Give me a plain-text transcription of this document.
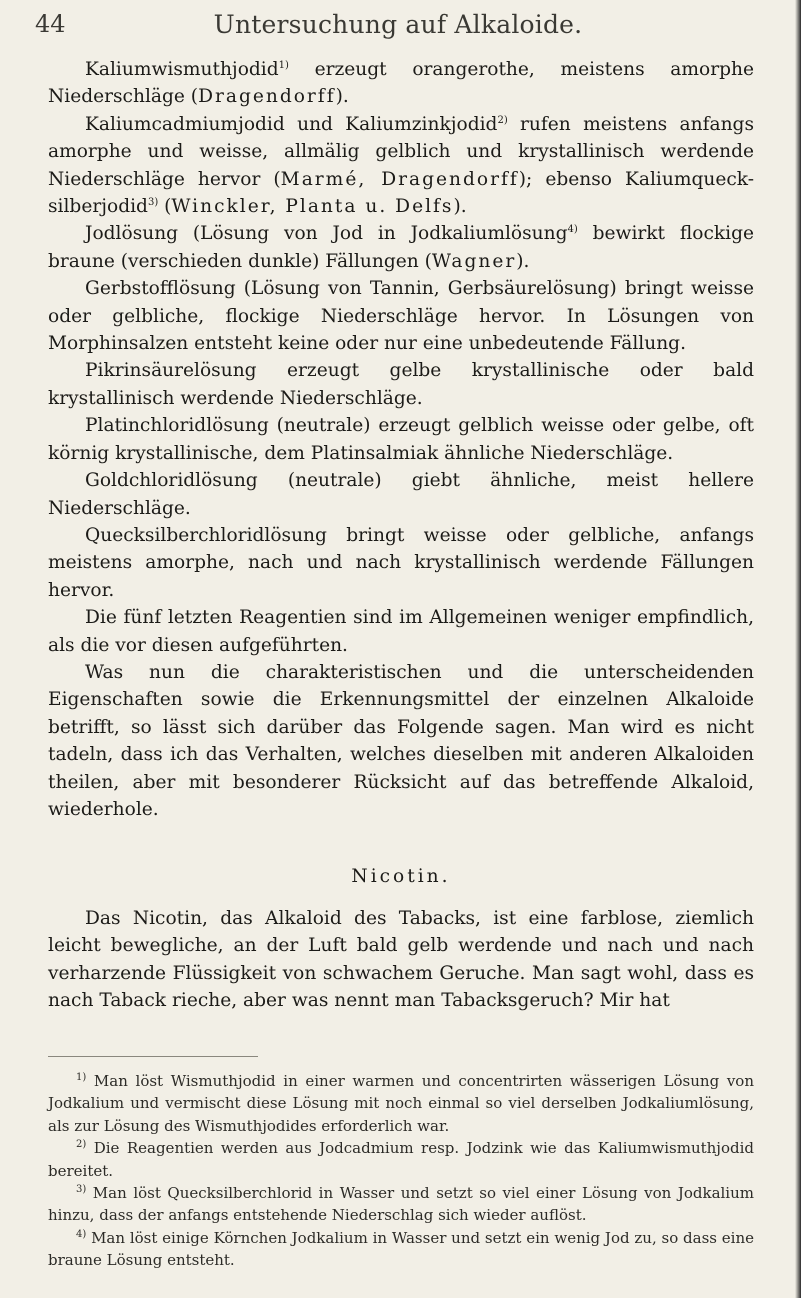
44	Untersuchung auf Alkaloide.

Kaliumwismuthjodid$^{1)}$ erzeugt orangerothe, meistens amorphe Niederschläge (Dragendorff).

Kaliumcadmiumjodid und Kaliumzinkjodid$^{2)}$ rufen meistens anfangs amorphe und weisse, allmälig gelblich und krystallinisch werdende Niederschläge hervor (Marmé, Dragendorff); ebenso Kaliumqueck-silberjodid$^{3)}$ (Winckler, Planta u. Delfs).

Jodlösung (Lösung von Jod in Jodkaliumlösung$^{4)}$ bewirkt flockige braune (verschieden dunkle) Fällungen (Wagner).

Gerbstofflösung (Lösung von Tannin, Gerbsäurelösung) bringt weisse oder gelbliche, flockige Niederschläge hervor. In Lösungen von Morphinsalzen entsteht keine oder nur eine unbedeutende Fällung.

Pikrinsäurelösung erzeugt gelbe krystallinische oder bald krystallinisch werdende Niederschläge.

Platinchloridlösung (neutrale) erzeugt gelblich weisse oder gelbe, oft körnig krystallinische, dem Platinsalmiak ähnliche Niederschläge.

Goldchloridlösung (neutrale) giebt ähnliche, meist hellere Niederschläge.

Quecksilberchloridlösung bringt weisse oder gelbliche, anfangs meistens amorphe, nach und nach krystallinisch werdende Fällungen hervor.

Die fünf letzten Reagentien sind im Allgemeinen weniger empfindlich, als die vor diesen aufgeführten.

Was nun die charakteristischen und die unterscheidenden Eigenschaften sowie die Erkennungsmittel der einzelnen Alkaloide betrifft, so lässt sich darüber das Folgende sagen. Man wird es nicht tadeln, dass ich das Verhalten, welches dieselben mit anderen Alkaloiden theilen, aber mit besonderer Rücksicht auf das betreffende Alkaloid, wiederhole.

Nicotin.

Das Nicotin, das Alkaloid des Tabacks, ist eine farblose, ziemlich leicht bewegliche, an der Luft bald gelb werdende und nach und nach verharzende Flüssigkeit von schwachem Geruche. Man sagt wohl, dass es nach Taback rieche, aber was nennt man Tabacksgeruch? Mir hat

$^{1)}$ Man löst Wismuthjodid in einer warmen und concentrirten wässerigen Lösung von Jodkalium und vermischt diese Lösung mit noch einmal so viel derselben Jodkaliumlösung, als zur Lösung des Wismuthjodides erforderlich war.

$^{2)}$ Die Reagentien werden aus Jodcadmium resp. Jodzink wie das Kaliumwismuthjodid bereitet.

$^{3)}$ Man löst Quecksilberchlorid in Wasser und setzt so viel einer Lösung von Jodkalium hinzu, dass der anfangs entstehende Niederschlag sich wieder auflöst.

$^{4)}$ Man löst einige Körnchen Jodkalium in Wasser und setzt ein wenig Jod zu, so dass eine braune Lösung entsteht.
